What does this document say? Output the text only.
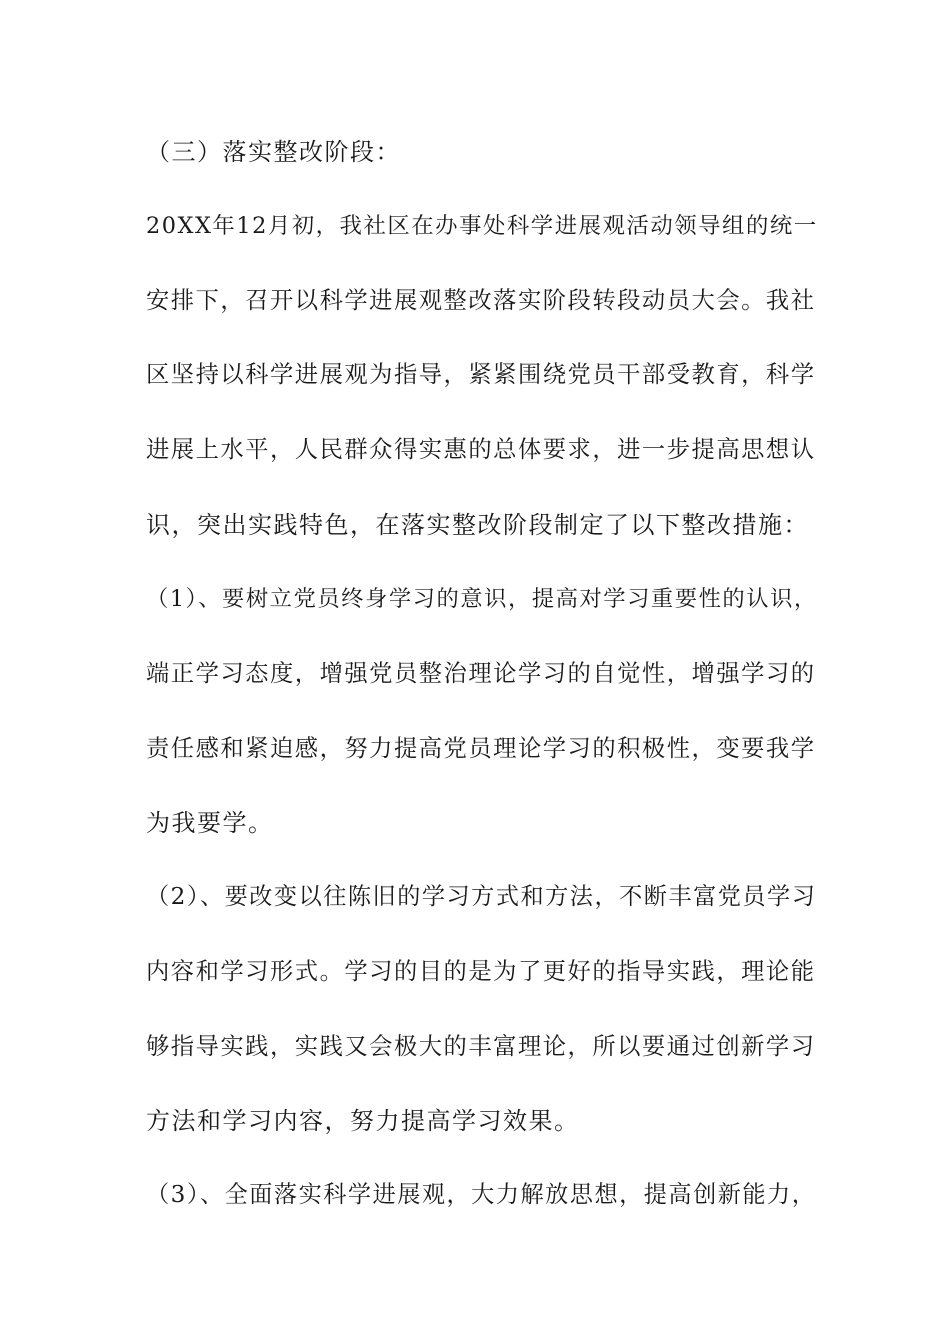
（三）落实整改阶段：
20XX年12月初，我社区在办事处科学进展观活动领导组的统一
安排下，召开以科学进展观整改落实阶段转段动员大会。我社
区坚持以科学进展观为指导，紧紧围绕党员干部受教育，科学
进展上水平，人民群众得实惠的总体要求，进一步提高思想认
识，突出实践特色，在落实整改阶段制定了以下整改措施：
（1）、要树立党员终身学习的意识，提高对学习重要性的认识，
端正学习态度，增强党员整治理论学习的自觉性，增强学习的
责任感和紧迫感，努力提高党员理论学习的积极性，变要我学
为我要学。
（2）、要改变以往陈旧的学习方式和方法，不断丰富党员学习
内容和学习形式。学习的目的是为了更好的指导实践，理论能
够指导实践，实践又会极大的丰富理论，所以要通过创新学习
方法和学习内容，努力提高学习效果。
（3）、全面落实科学进展观，大力解放思想，提高创新能力，
